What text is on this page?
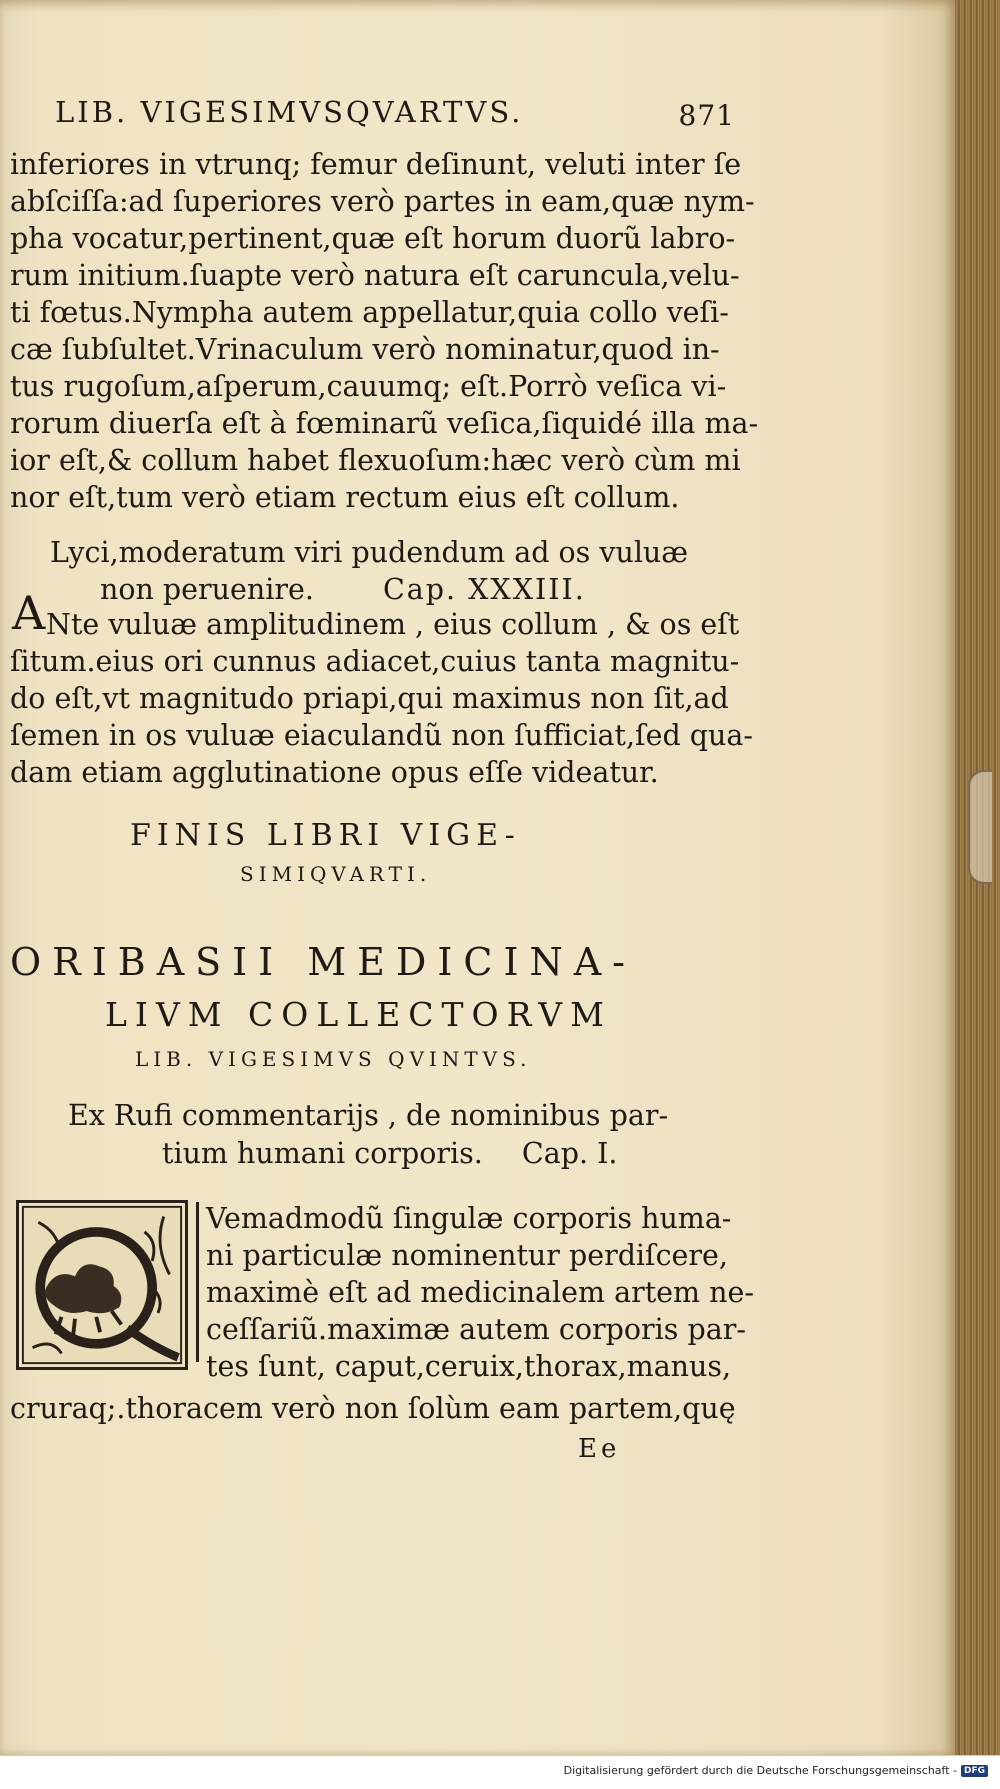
LIB. VIGESIMVSQVARTVS.	871
inferiores in vtrunq; femur deſinunt, veluti inter ſe
abſciſſa:ad ſuperiores verò partes in eam,quæ nym-
pha vocatur,pertinent,quæ eſt horum duorũ labro-
rum initium.ſuapte verò natura eſt caruncula,velu-
ti fœtus.Nympha autem appellatur,quia collo veſi-
cæ ſubſultet.Vrinaculum verò nominatur,quod in-
tus rugoſum,aſperum,cauumq; eſt.Porrò veſica vi-
rorum diuerſa eſt à fœminarũ veſica,ſiquidé illa ma-
ior eſt,& collum habet flexuoſum:hæc verò cùm mi
nor eſt,tum verò etiam rectum eius eſt collum.
Lyci,moderatum viri pudendum ad os vuluæ
non peruenire. Cap. XXXIII.
A Nte vuluæ amplitudinem , eius collum , & os eſt
ſitum.eius ori cunnus adiacet,cuius tanta magnitu-
do eſt,vt magnitudo priapi,qui maximus non ſit,ad
ſemen in os vuluæ eiaculandũ non ſufficiat,ſed qua-
dam etiam agglutinatione opus eſſe videatur.
FINIS LIBRI VIGE-
SIMIQVARTI.
ORIBASII MEDICINA-
LIVM COLLECTORVM
LIB. VIGESIMVS QVINTVS.
Ex Rufi commentarijs , de nominibus par-
tium humani corporis. Cap. I.
Vemadmodũ ſingulæ corporis huma-
ni particulæ nominentur perdiſcere,
maximè eſt ad medicinalem artem ne-
ceſſariũ.maximæ autem corporis par-
tes ſunt, caput,ceruix,thorax,manus,
cruraq;.thoracem verò non ſolùm eam partem,quę
Ee
Digitalisierung gefördert durch die Deutsche Forschungsgemeinschaft - DFG
